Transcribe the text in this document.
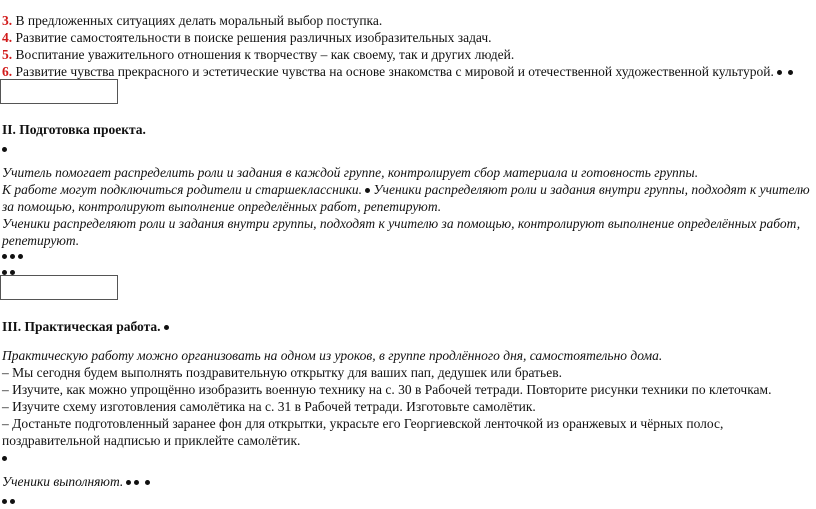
3. В предложенных ситуациях делать моральный выбор поступка.
4. Развитие самостоятельности в поиске решения различных изобразительных задач.
5. Воспитание уважительного отношения к творчеству – как своему, так и других людей.
6. Развитие чувства прекрасного и эстетические чувства на основе знакомства с мировой и отечественной художественной культурой.
II. Подготовка проекта.
Учитель помогает распределить роли и задания в каждой группе, контролирует сбор материала и готовность группы.
К работе могут подключиться родители и старшеклассники. Ученики распределяют роли и задания внутри группы, подходят к учителю
за помощью, контролируют выполнение определённых работ, репетируют.
Ученики распределяют роли и задания внутри группы, подходят к учителю за помощью, контролируют выполнение определённых работ,
репетируют.
III. Практическая работа.
Практическую работу можно организовать на одном из уроков, в группе продлённого дня, самостоятельно дома.
– Мы сегодня будем выполнять поздравительную открытку для ваших пап, дедушек или братьев.
– Изучите, как можно упрощённо изобразить военную технику на с. 30 в Рабочей тетради. Повторите рисунки техники по клеточкам.
– Изучите схему изготовления самолётика на с. 31 в Рабочей тетради. Изготовьте самолётик.
– Достаньте подготовленный заранее фон для открытки, украсьте его Георгиевской ленточкой из оранжевых и чёрных полос,
поздравительной надписью и приклейте самолётик.
Ученики выполняют.
